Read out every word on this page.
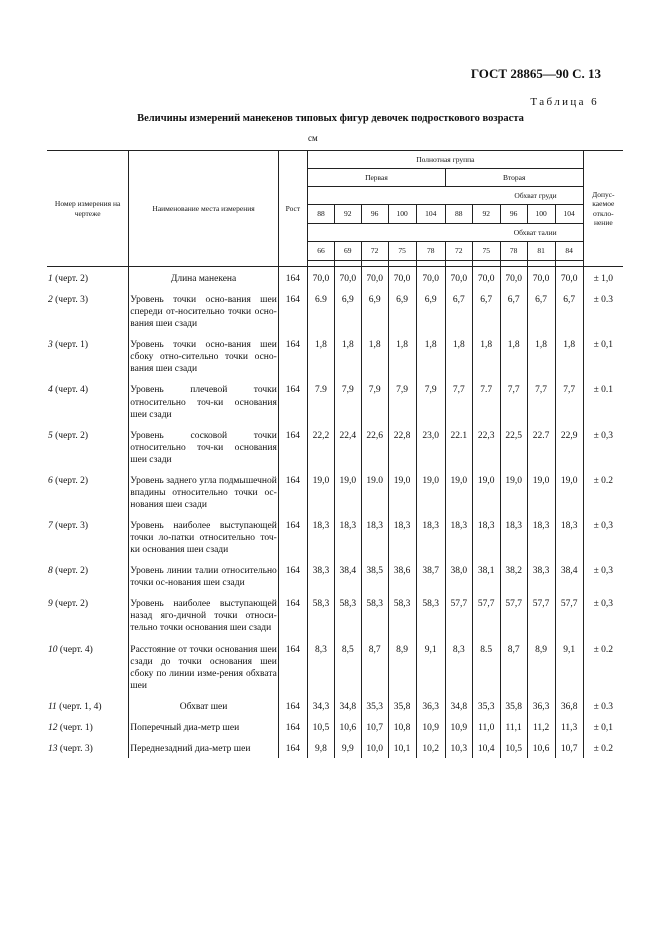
ГОСТ 28865—90 С. 13
Таблица 6
Величины измерений манекенов типовых фигур девочек подросткового возраста
см
Номер измерения на чертеже	Наименование места измерения	Рост	Полнотная группа										Допус-каемое откло-нение
			Первая					Вторая					
			Обхват груди										
			88	92	96	100	104	88	92	96	100	104	
			Обхват талии										
			66	69	72	75	78	72	75	78	81	84	

1 (черт. 2)	Длина манекена	164	70,0	70,0	70,0	70,0	70,0	70,0	70,0	70,0	70,0	70,0	± 1,0
2 (черт. 3)	Уровень точки осно-вания шеи спереди от-носительно точки осно-вания шеи сзади	164	6.9	6,9	6,9	6,9	6,9	6,7	6,7	6,7	6,7	6,7	± 0.3
3 (черт. 1)	Уровень точки осно-вания шеи сбоку отно-сительно точки осно-вания шеи сзади	164	1,8	1,8	1,8	1,8	1,8	1,8	1,8	1,8	1,8	1,8	± 0,1
4 (черт. 4)	Уровень плечевой точки относительно точ-ки основания шеи сзади	164	7.9	7,9	7,9	7,9	7,9	7,7	7.7	7,7	7,7	7,7	± 0.1
5 (черт. 2)	Уровень сосковой точки относительно точ-ки основания шеи сзади	164	22,2	22,4	22,6	22,8	23,0	22.1	22,3	22,5	22.7	22,9	± 0,3
6 (черт. 2)	Уровень заднего угла подмышечной впадины относительно точки ос-нования шеи сзади	164	19,0	19,0	19.0	19,0	19,0	19,0	19,0	19,0	19,0	19,0	± 0.2
7 (черт. 3)	Уровень наиболее выступающей точки ло-патки относительно точ-ки основания шеи сзади	164	18,3	18,3	18,3	18,3	18,3	18,3	18,3	18,3	18,3	18,3	± 0,3
8 (черт. 2)	Уровень линии талии относительно точки ос-нования шеи сзади	164	38,3	38,4	38,5	38,6	38,7	38,0	38,1	38,2	38,3	38,4	± 0,3
9 (черт. 2)	Уровень наиболее выступающей назад яго-дичной точки относи-тельно точки основания шеи сзади	164	58,3	58,3	58,3	58,3	58,3	57,7	57,7	57,7	57,7	57,7	± 0,3
10 (черт. 4)	Расстояние от точки основания шеи сзади до точки основания шеи сбоку по линии изме-рения обхвата шеи	164	8,3	8,5	8,7	8,9	9,1	8,3	8.5	8,7	8,9	9,1	± 0.2
11 (черт. 1, 4)	Обхват шеи	164	34,3	34,8	35,3	35,8	36,3	34,8	35,3	35,8	36,3	36,8	± 0.3
12 (черт. 1)	Поперечный диа-метр шеи	164	10,5	10,6	10,7	10,8	10,9	10,9	11,0	11,1	11,2	11,3	± 0,1
13 (черт. 3)	Переднезадний диа-метр шеи	164	9,8	9,9	10,0	10,1	10,2	10,3	10,4	10,5	10,6	10,7	± 0.2
